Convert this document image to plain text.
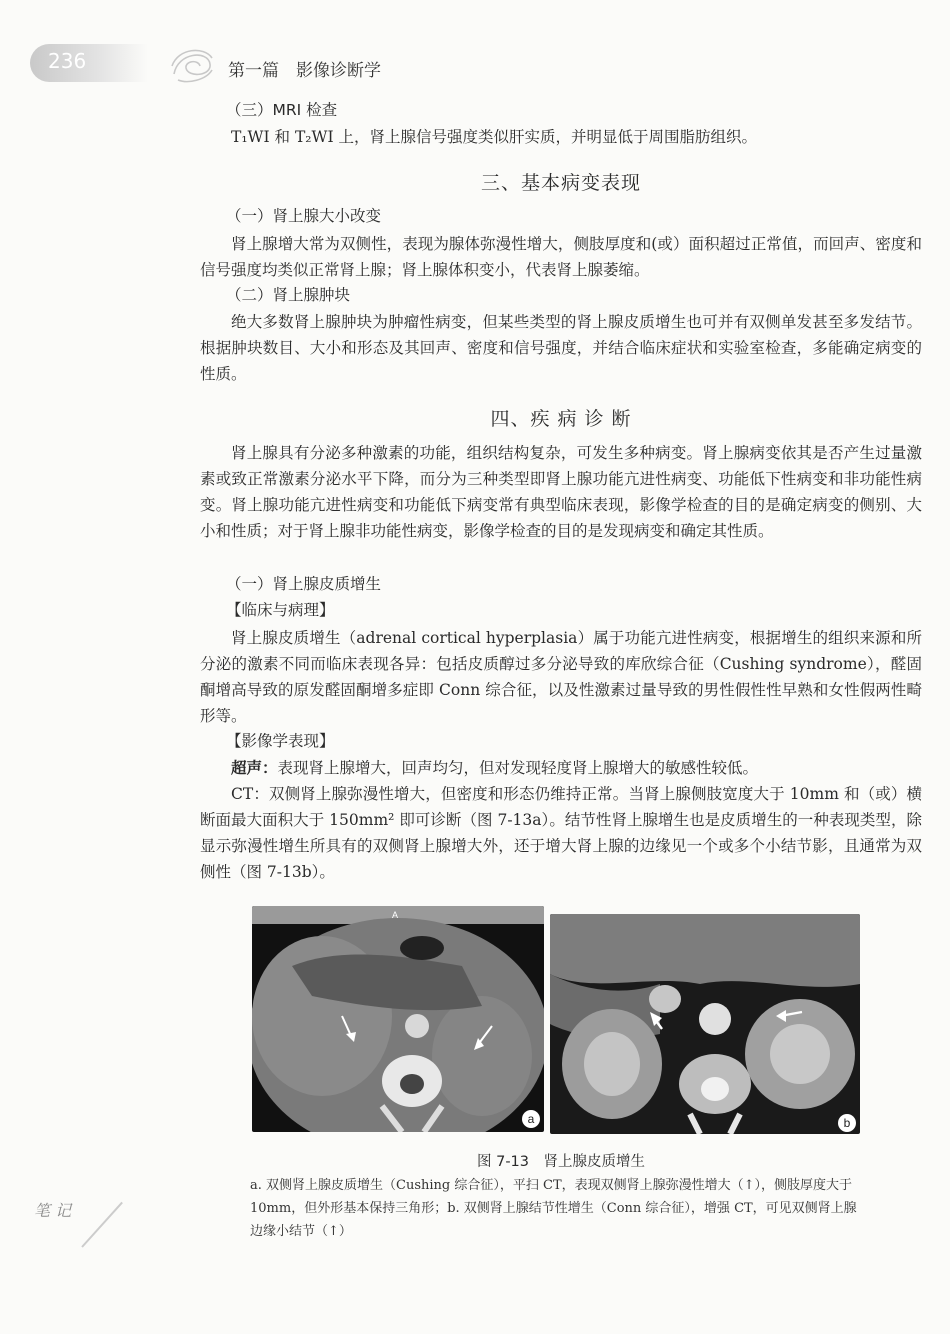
236	第一篇　影像诊断学
（三）MRI 检查
T₁WI 和 T₂WI 上，肾上腺信号强度类似肝实质，并明显低于周围脂肪组织。
三、基本病变表现
（一）肾上腺大小改变
肾上腺增大常为双侧性，表现为腺体弥漫性增大，侧肢厚度和(或）面积超过正常值，而回声、密度和信号强度均类似正常肾上腺；肾上腺体积变小，代表肾上腺萎缩。
（二）肾上腺肿块
绝大多数肾上腺肿块为肿瘤性病变，但某些类型的肾上腺皮质增生也可并有双侧单发甚至多发结节。根据肿块数目、大小和形态及其回声、密度和信号强度，并结合临床症状和实验室检查，多能确定病变的性质。
四、疾 病 诊 断
肾上腺具有分泌多种激素的功能，组织结构复杂，可发生多种病变。肾上腺病变依其是否产生过量激素或致正常激素分泌水平下降，而分为三种类型即肾上腺功能亢进性病变、功能低下性病变和非功能性病变。肾上腺功能亢进性病变和功能低下病变常有典型临床表现，影像学检查的目的是确定病变的侧别、大小和性质；对于肾上腺非功能性病变，影像学检查的目的是发现病变和确定其性质。
（一）肾上腺皮质增生
【临床与病理】
肾上腺皮质增生（adrenal cortical hyperplasia）属于功能亢进性病变，根据增生的组织来源和所分泌的激素不同而临床表现各异：包括皮质醇过多分泌导致的库欣综合征（Cushing syndrome），醛固酮增高导致的原发醛固酮增多症即 Conn 综合征，以及性激素过量导致的男性假性性早熟和女性假两性畸形等。
【影像学表现】
超声：表现肾上腺增大，回声均匀，但对发现轻度肾上腺增大的敏感性较低。
CT：双侧肾上腺弥漫性增大，但密度和形态仍维持正常。当肾上腺侧肢宽度大于 10mm 和（或）横断面最大面积大于 150mm² 即可诊断（图 7-13a）。结节性肾上腺增生也是皮质增生的一种表现类型，除显示弥漫性增生所具有的双侧肾上腺增大外，还于增大肾上腺的边缘见一个或多个小结节影，且通常为双侧性（图 7-13b）。
a
A
b
图 7-13　肾上腺皮质增生
a. 双侧肾上腺皮质增生（Cushing 综合征），平扫 CT，表现双侧肾上腺弥漫性增大（↑），侧肢厚度大于 10mm，但外形基本保持三角形；b. 双侧肾上腺结节性增生（Conn 综合征），增强 CT，可见双侧肾上腺边缘小结节（↑）
笔 记
